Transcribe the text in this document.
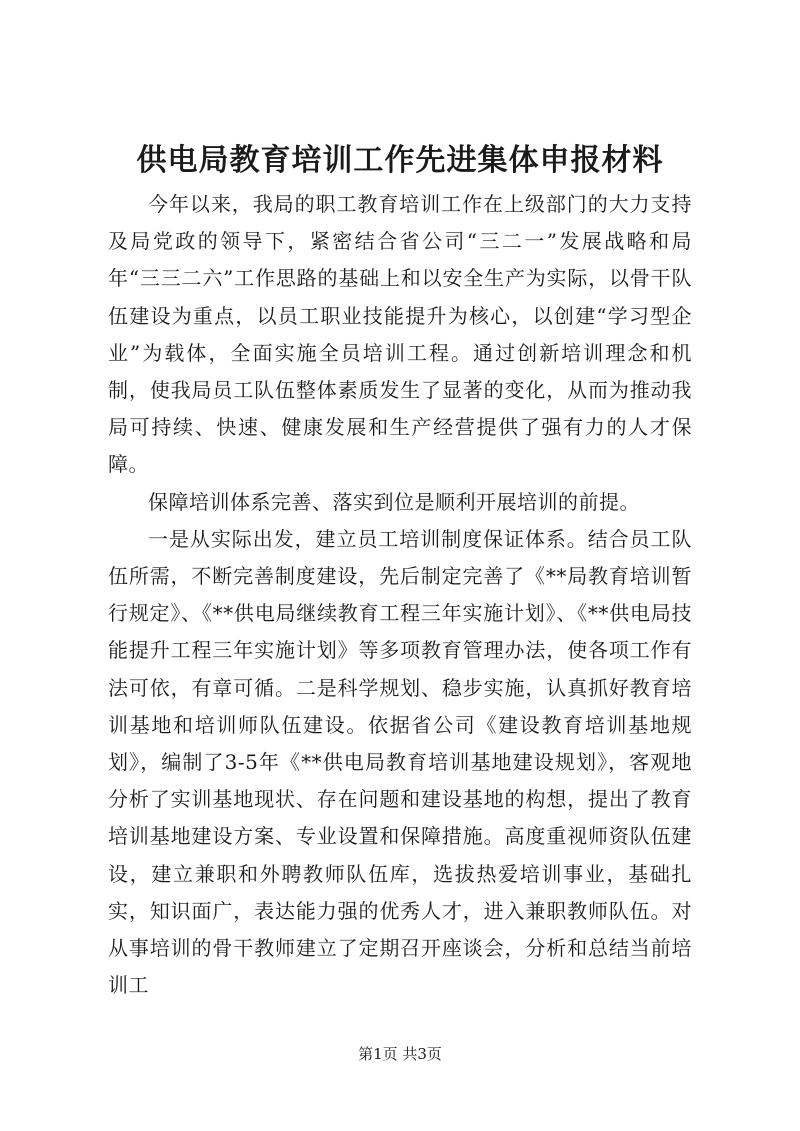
供电局教育培训工作先进集体申报材料

今年以来，我局的职工教育培训工作在上级部门的大力支持及局党政的领导下，紧密结合省公司“三二一”发展战略和局年“三三二六”工作思路的基础上和以安全生产为实际，以骨干队伍建设为重点，以员工职业技能提升为核心，以创建“学习型企业”为载体，全面实施全员培训工程。通过创新培训理念和机制，使我局员工队伍整体素质发生了显著的变化，从而为推动我局可持续、快速、健康发展和生产经营提供了强有力的人才保障。

保障培训体系完善、落实到位是顺利开展培训的前提。

一是从实际出发，建立员工培训制度保证体系。结合员工队伍所需，不断完善制度建设，先后制定完善了《**局教育培训暂行规定》、《**供电局继续教育工程三年实施计划》、《**供电局技能提升工程三年实施计划》等多项教育管理办法，使各项工作有法可依，有章可循。二是科学规划、稳步实施，认真抓好教育培训基地和培训师队伍建设。依据省公司《建设教育培训基地规划》，编制了3-5年《**供电局教育培训基地建设规划》，客观地分析了实训基地现状、存在问题和建设基地的构想，提出了教育培训基地建设方案、专业设置和保障措施。高度重视师资队伍建设，建立兼职和外聘教师队伍库，选拔热爱培训事业，基础扎实，知识面广，表达能力强的优秀人才，进入兼职教师队伍。对从事培训的骨干教师建立了定期召开座谈会，分析和总结当前培训工

第1页 共3页
